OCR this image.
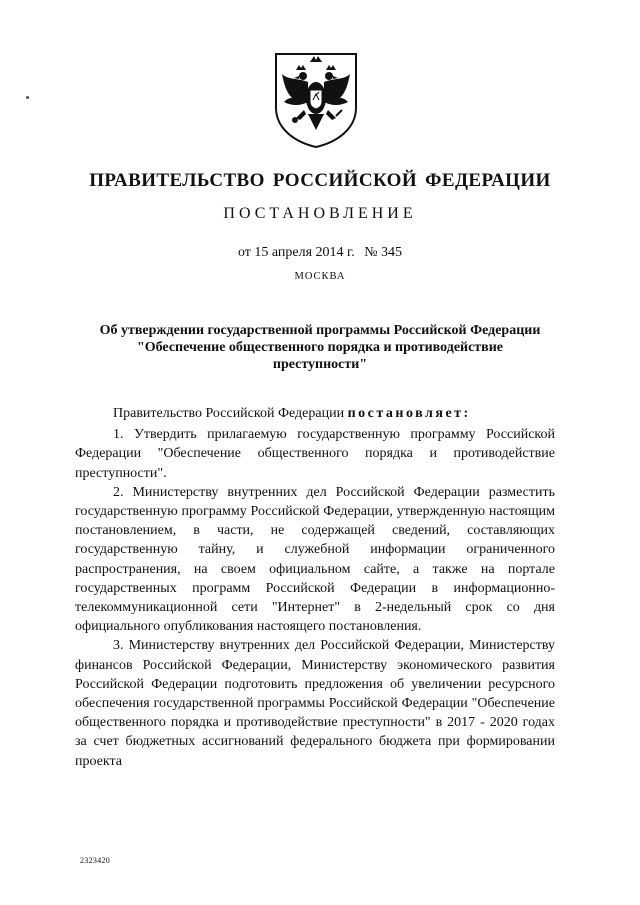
ПРАВИТЕЛЬСТВО РОССИЙСКОЙ ФЕДЕРАЦИИ
ПОСТАНОВЛЕНИЕ
от 15 апреля 2014 г. № 345
МОСКВА
Об утверждении государственной программы Российской Федерации
"Обеспечение общественного порядка и противодействие
преступности"

Правительство Российской Федерации постановляет:

1. Утвердить прилагаемую государственную программу Российской Федерации "Обеспечение общественного порядка и противодействие преступности".

2. Министерству внутренних дел Российской Федерации разместить государственную программу Российской Федерации, утвержденную настоящим постановлением, в части, не содержащей сведений, составляющих государственную тайну, и служебной информации ограниченного распространения, на своем официальном сайте, а также на портале государственных программ Российской Федерации в информационно-телекоммуникационной сети "Интернет" в 2-недельный срок со дня официального опубликования настоящего постановления.

3. Министерству внутренних дел Российской Федерации, Министерству финансов Российской Федерации, Министерству экономического развития Российской Федерации подготовить предложения об увеличении ресурсного обеспечения государственной программы Российской Федерации "Обеспечение общественного порядка и противодействие преступности" в 2017 - 2020 годах за счет бюджетных ассигнований федерального бюджета при формировании проекта

2323420
